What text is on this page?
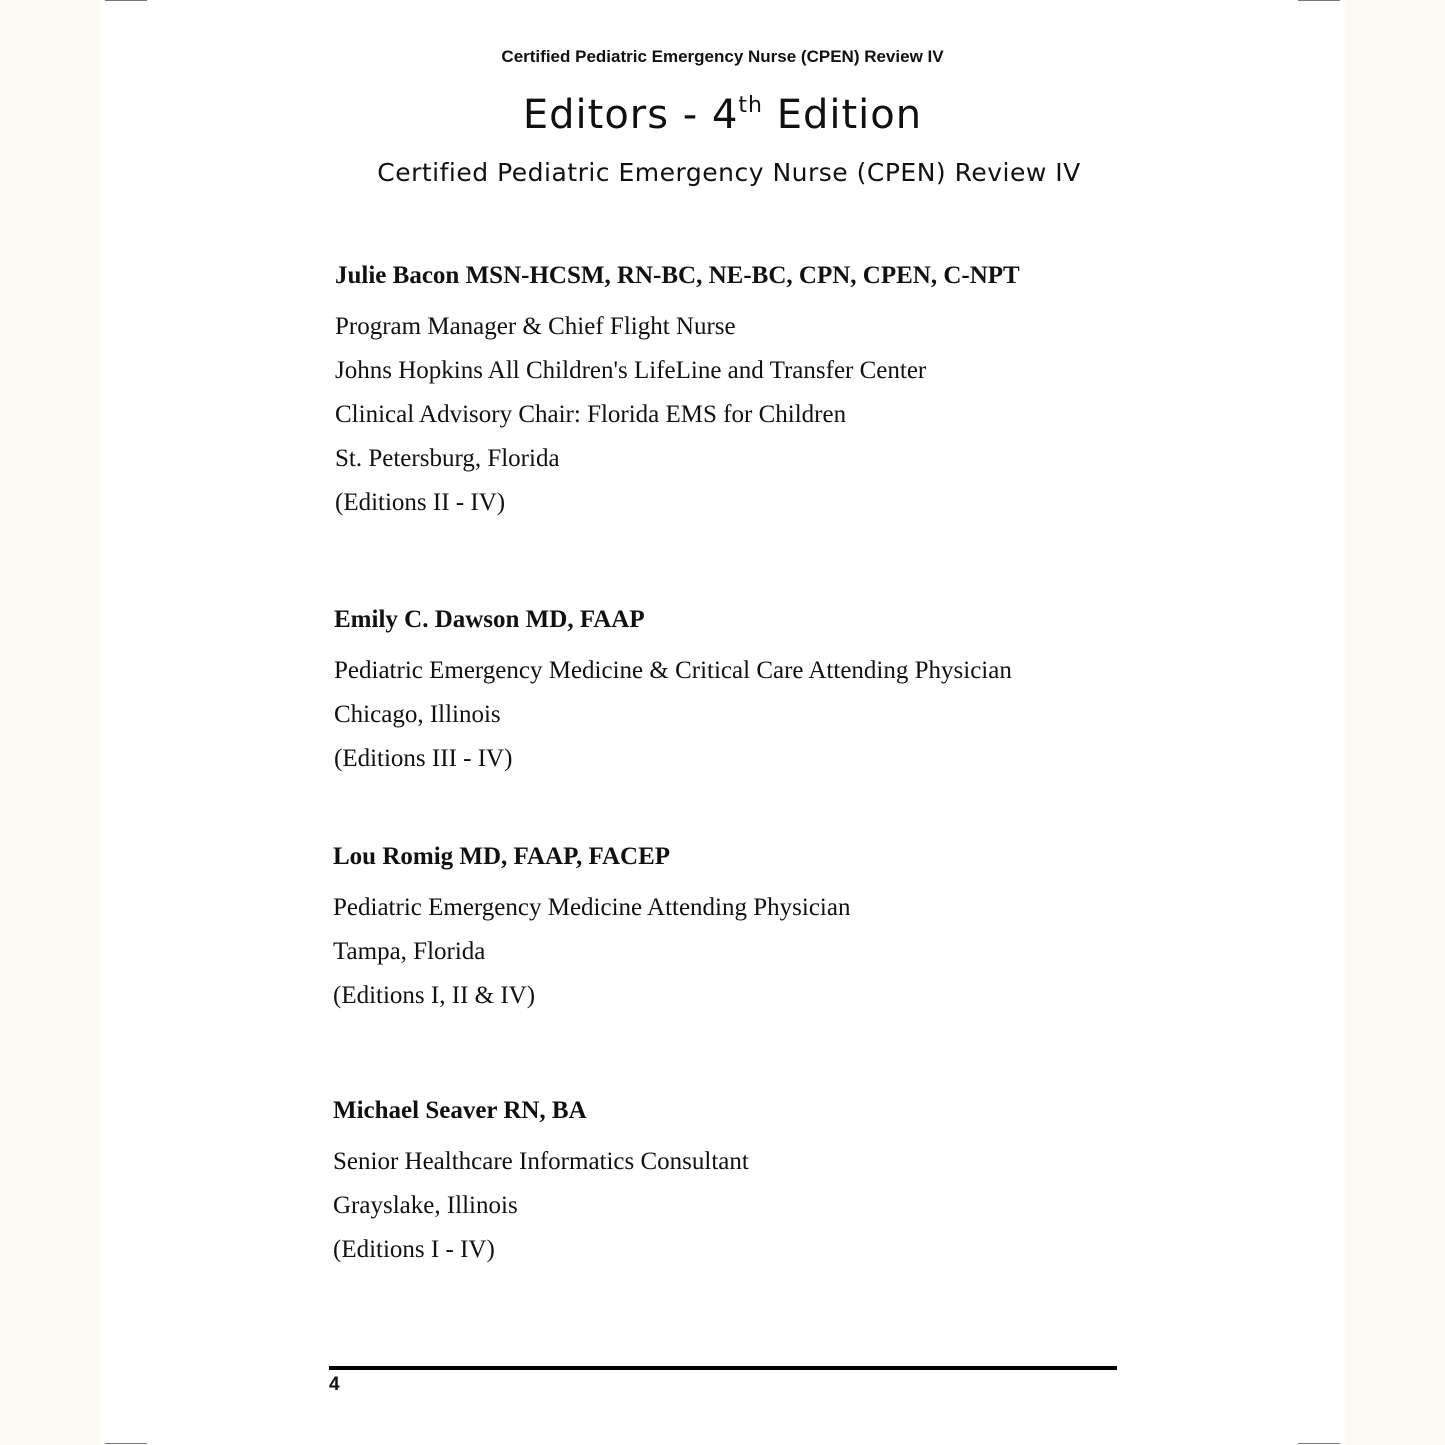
Certified Pediatric Emergency Nurse (CPEN) Review IV
Editors - 4th Edition
Certified Pediatric Emergency Nurse (CPEN) Review IV
Julie Bacon MSN-HCSM, RN-BC, NE-BC, CPN, CPEN, C-NPT
Program Manager & Chief Flight Nurse
Johns Hopkins All Children's LifeLine and Transfer Center
Clinical Advisory Chair: Florida EMS for Children
St. Petersburg, Florida
(Editions II - IV)
Emily C. Dawson MD, FAAP
Pediatric Emergency Medicine & Critical Care Attending Physician
Chicago, Illinois
(Editions III - IV)
Lou Romig MD, FAAP, FACEP
Pediatric Emergency Medicine Attending Physician
Tampa, Florida
(Editions I, II & IV)
Michael Seaver RN, BA
Senior Healthcare Informatics Consultant
Grayslake, Illinois
(Editions I - IV)
4
